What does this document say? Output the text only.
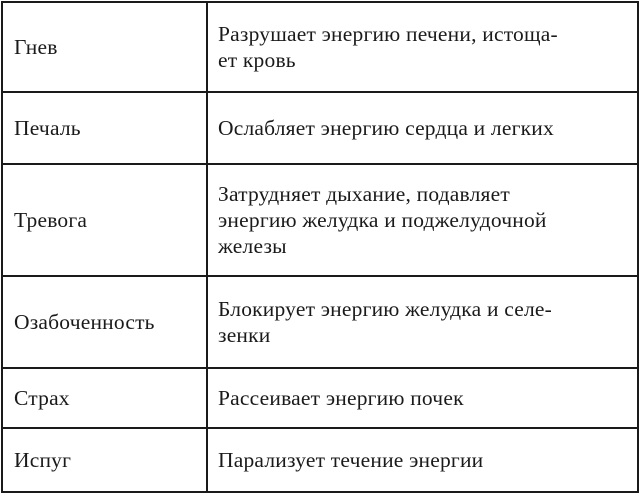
Гнев	Разрушает энергию печени, истоща-
ет кровь

Печаль	Ослабляет энергию сердца и легких

Тревога	Затрудняет дыхание, подавляет
энергию желудка и поджелудочной
железы

Озабоченность	Блокирует энергию желудка и селе-
зенки

Страх	Рассеивает энергию почек

Испуг	Парализует течение энергии
